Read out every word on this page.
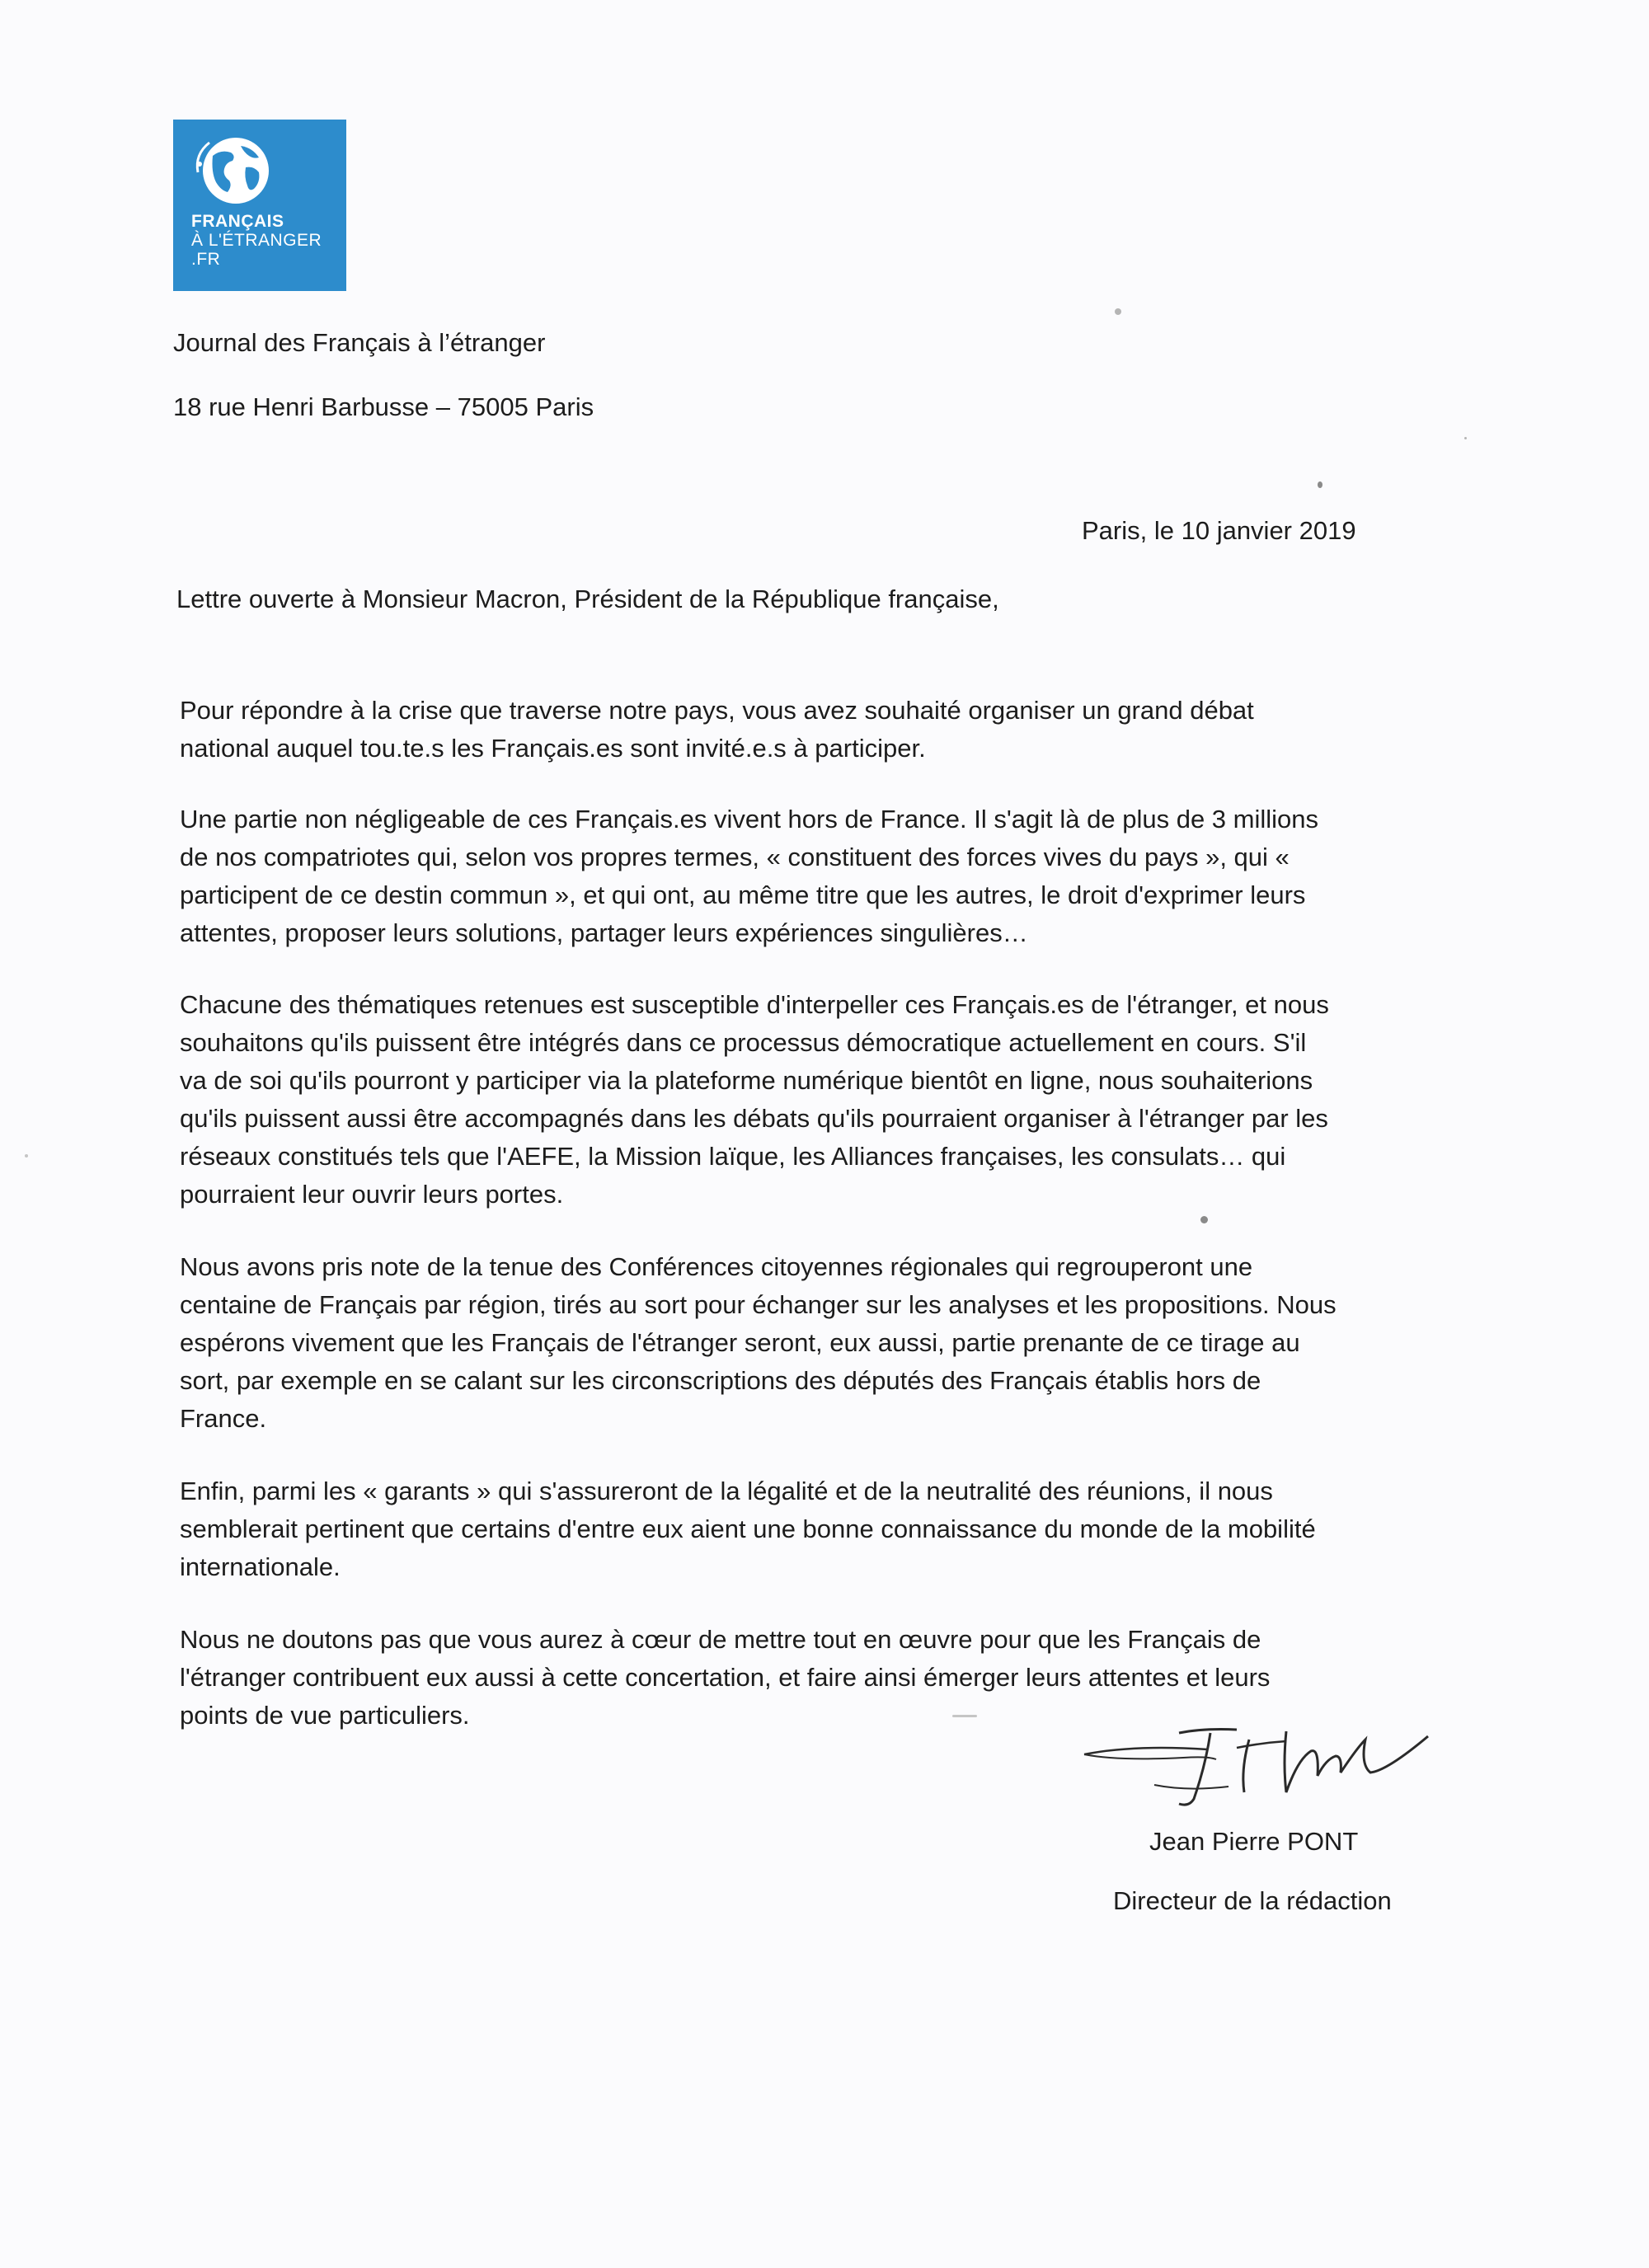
FRANÇAIS
À L'ÉTRANGER
.FR
Journal des Français à l’étranger
18 rue Henri Barbusse – 75005 Paris
Paris, le 10 janvier 2019
Lettre ouverte à Monsieur Macron, Président de la République française,
Pour répondre à la crise que traverse notre pays, vous avez souhaité organiser un grand débat
national auquel tou.te.s les Français.es sont invité.e.s à participer.
Une partie non négligeable de ces Français.es vivent hors de France. Il s'agit là de plus de 3 millions
de nos compatriotes qui, selon vos propres termes, « constituent des forces vives du pays », qui «
participent de ce destin commun », et qui ont, au même titre que les autres, le droit d'exprimer leurs
attentes, proposer leurs solutions, partager leurs expériences singulières…
Chacune des thématiques retenues est susceptible d'interpeller ces Français.es de l'étranger, et nous
souhaitons qu'ils puissent être intégrés dans ce processus démocratique actuellement en cours. S'il
va de soi qu'ils pourront y participer via la plateforme numérique bientôt en ligne, nous souhaiterions
qu'ils puissent aussi être accompagnés dans les débats qu'ils pourraient organiser à l'étranger par les
réseaux constitués tels que l'AEFE, la Mission laïque, les Alliances françaises, les consulats… qui
pourraient leur ouvrir leurs portes.
Nous avons pris note de la tenue des Conférences citoyennes régionales qui regrouperont une
centaine de Français par région, tirés au sort pour échanger sur les analyses et les propositions. Nous
espérons vivement que les Français de l'étranger seront, eux aussi, partie prenante de ce tirage au
sort, par exemple en se calant sur les circonscriptions des députés des Français établis hors de
France.
Enfin, parmi les « garants » qui s'assureront de la légalité et de la neutralité des réunions, il nous
semblerait pertinent que certains d'entre eux aient une bonne connaissance du monde de la mobilité
internationale.
Nous ne doutons pas que vous aurez à cœur de mettre tout en œuvre pour que les Français de
l'étranger contribuent eux aussi à cette concertation, et faire ainsi émerger leurs attentes et leurs
points de vue particuliers.
Jean Pierre PONT
Directeur de la rédaction
